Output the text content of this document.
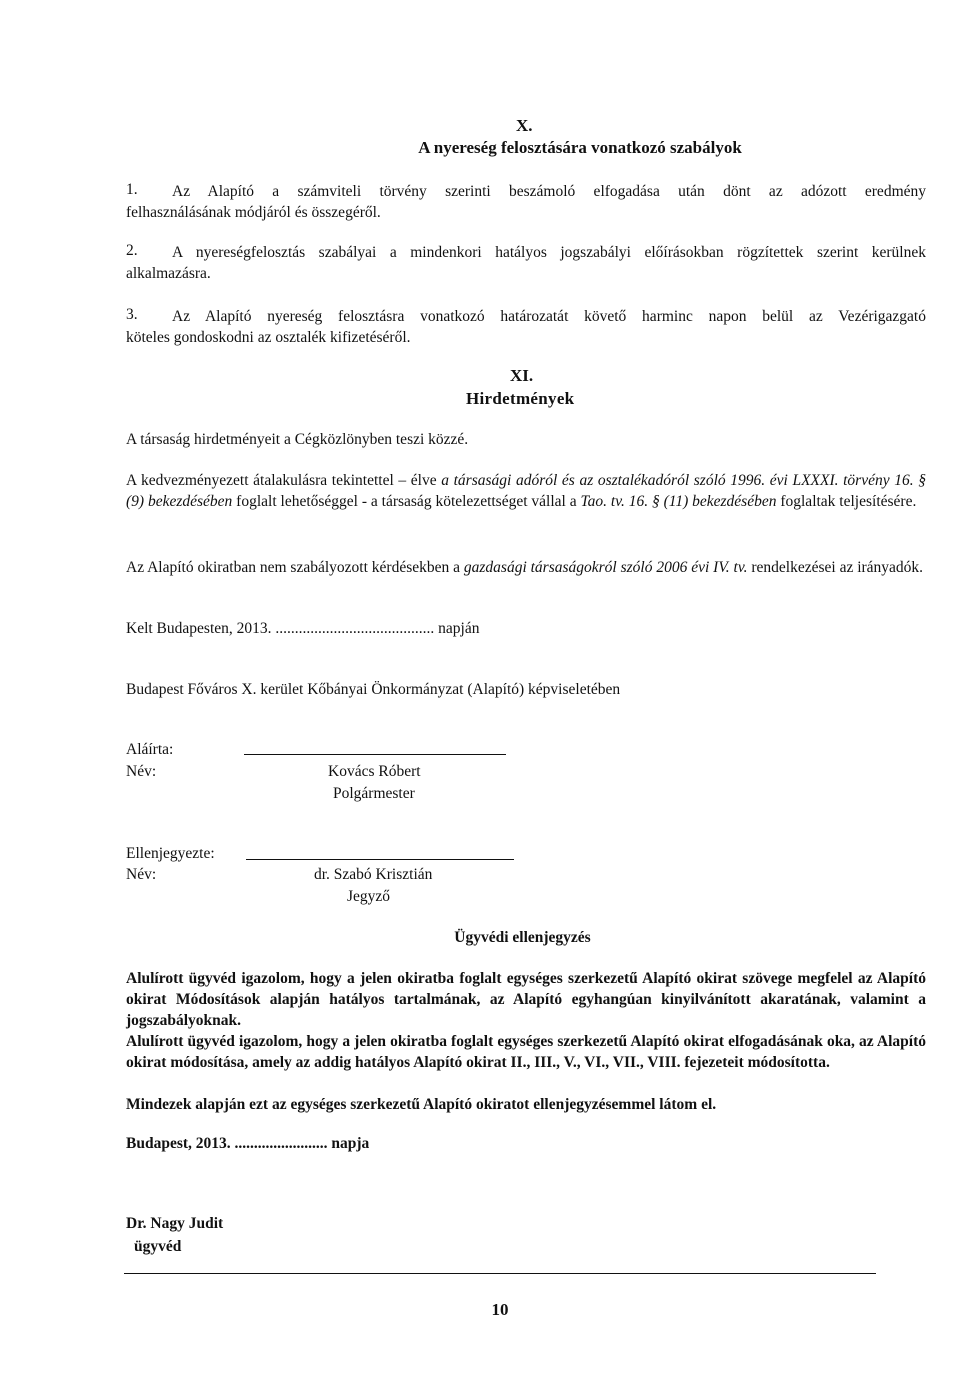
X.
A nyereség felosztására vonatkozó szabályok
1. Az Alapító a számviteli törvény szerinti beszámoló elfogadása után dönt az adózott eredmény
felhasználásának módjáról és összegéről.
2. A nyereségfelosztás szabályai a mindenkori hatályos jogszabályi előírásokban rögzítettek szerint kerülnek
alkalmazásra.
3. Az Alapító nyereség felosztásra vonatkozó határozatát követő harminc napon belül az Vezérigazgató
köteles gondoskodni az osztalék kifizetéséről.
XI.
Hirdetmények
A társaság hirdetményeit a Cégközlönyben teszi közzé.
A kedvezményezett átalakulásra tekintettel – élve a társasági adóról és az osztalékadóról szóló 1996. évi LXXXI. törvény 16. § (9) bekezdésében foglalt lehetőséggel - a társaság kötelezettséget vállal a Tao. tv. 16. § (11) bekezdésében foglaltak teljesítésére.
Az Alapító okiratban nem szabályozott kérdésekben a gazdasági társaságokról szóló 2006 évi IV. tv. rendelkezései az irányadók.
Kelt Budapesten, 2013. ......................................... napján
Budapest Főváros X. kerület Kőbányai Önkormányzat (Alapító) képviseletében
Aláírta:
Név:	Kovács Róbert
Polgármester
Ellenjegyezte:
Név:	dr. Szabó Krisztián
Jegyző
Ügyvédi ellenjegyzés
Alulírott ügyvéd igazolom, hogy a jelen okiratba foglalt egységes szerkezetű Alapító okirat szövege megfelel az Alapító okirat Módosítások alapján hatályos tartalmának, az Alapító egyhangúan kinyilvánított akaratának, valamint a jogszabályoknak.
Alulírott ügyvéd igazolom, hogy a jelen okiratba foglalt egységes szerkezetű Alapító okirat elfogadásának oka, az Alapító okirat módosítása, amely az addig hatályos Alapító okirat II., III., V., VI., VII., VIII. fejezeteit módosította.
Mindezek alapján ezt az egységes szerkezetű Alapító okiratot ellenjegyzésemmel látom el.
Budapest, 2013. ........................ napja
Dr. Nagy Judit
ügyvéd
10
